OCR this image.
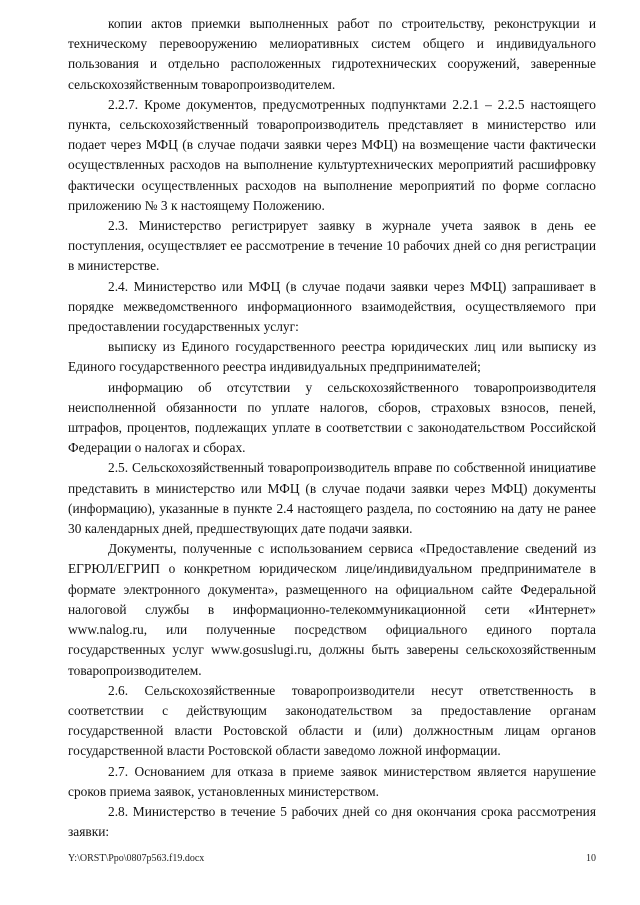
копии актов приемки выполненных работ по строительству, реконструкции и техническому перевооружению мелиоративных систем общего и индивидуального пользования и отдельно расположенных гидротехнических сооружений, заверенные сельскохозяйственным товаропроизводителем.

2.2.7. Кроме документов, предусмотренных подпунктами 2.2.1 – 2.2.5 настоящего пункта, сельскохозяйственный товаропроизводитель представляет в министерство или подает через МФЦ (в случае подачи заявки через МФЦ) на возмещение части фактически осуществленных расходов на выполнение культуртехнических мероприятий расшифровку фактически осуществленных расходов на выполнение мероприятий по форме согласно приложению № 3 к настоящему Положению.

2.3. Министерство регистрирует заявку в журнале учета заявок в день ее поступления, осуществляет ее рассмотрение в течение 10 рабочих дней со дня регистрации в министерстве.

2.4. Министерство или МФЦ (в случае подачи заявки через МФЦ) запрашивает в порядке межведомственного информационного взаимодействия, осуществляемого при предоставлении государственных услуг:

выписку из Единого государственного реестра юридических лиц или выписку из Единого государственного реестра индивидуальных предпринимателей;

информацию об отсутствии у сельскохозяйственного товаропроизводителя неисполненной обязанности по уплате налогов, сборов, страховых взносов, пеней, штрафов, процентов, подлежащих уплате в соответствии с законодательством Российской Федерации о налогах и сборах.

2.5. Сельскохозяйственный товаропроизводитель вправе по собственной инициативе представить в министерство или МФЦ (в случае подачи заявки через МФЦ) документы (информацию), указанные в пункте 2.4 настоящего раздела, по состоянию на дату не ранее 30 календарных дней, предшествующих дате подачи заявки.

Документы, полученные с использованием сервиса «Предоставление сведений из ЕГРЮЛ/ЕГРИП о конкретном юридическом лице/индивидуальном предпринимателе в формате электронного документа», размещенного на официальном сайте Федеральной налоговой службы в информационно-телекоммуникационной сети «Интернет» www.nalog.ru, или полученные посредством официального единого портала государственных услуг www.gosuslugi.ru, должны быть заверены сельскохозяйственным товаропроизводителем.

2.6. Сельскохозяйственные товаропроизводители несут ответственность в соответствии с действующим законодательством за предоставление органам государственной власти Ростовской области и (или) должностным лицам органов государственной власти Ростовской области заведомо ложной информации.

2.7. Основанием для отказа в приеме заявок министерством является нарушение сроков приема заявок, установленных министерством.

2.8. Министерство в течение 5 рабочих дней со дня окончания срока рассмотрения заявки:

Y:\ORST\Ppo\0807p563.f19.docx	10
